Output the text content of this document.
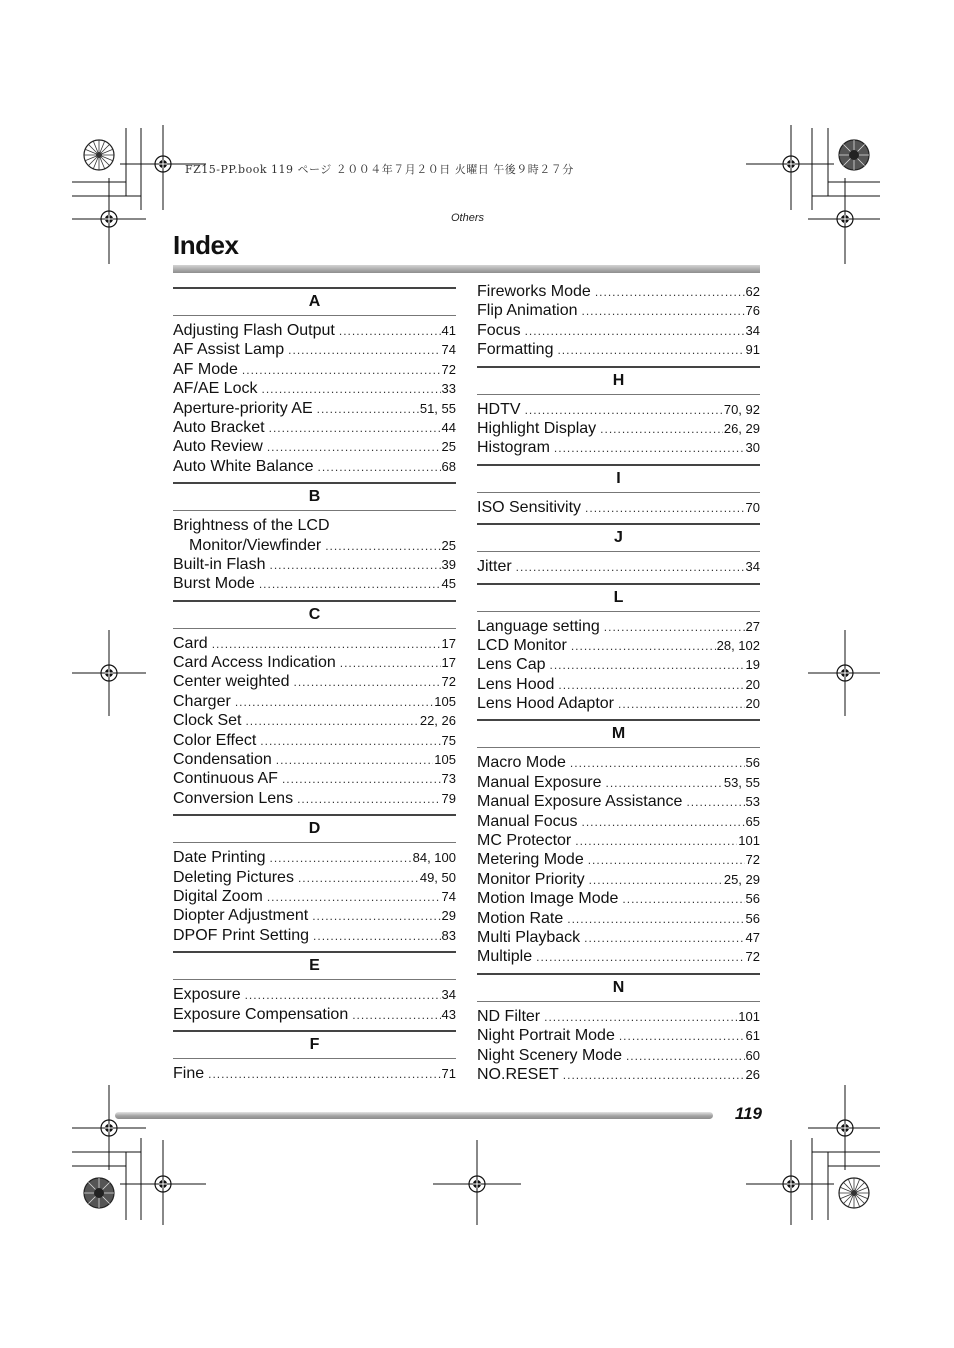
FZ15-PP.book 119 ページ ２００４年７月２０日 火曜日 午後９時２７分
Others
Index
A
Adjusting Flash Output .....	41
AF Assist Lamp .....	74
AF Mode .....	72
AF/AE Lock .....	33
Aperture-priority AE .....	51, 55
Auto Bracket .....	44
Auto Review .....	25
Auto White Balance .....	68
B
Brightness of the LCD
Monitor/Viewfinder .....	25
Built-in Flash .....	39
Burst Mode .....	45
C
Card .....	17
Card Access Indication .....	17
Center weighted .....	72
Charger .....	105
Clock Set .....	22, 26
Color Effect .....	75
Condensation .....	105
Continuous AF .....	73
Conversion Lens .....	79
D
Date Printing .....	84, 100
Deleting Pictures .....	49, 50
Digital Zoom .....	74
Diopter Adjustment .....	29
DPOF Print Setting .....	83
E
Exposure .....	34
Exposure Compensation .....	43
F
Fine .....	71
Fireworks Mode .....	62
Flip Animation .....	76
Focus .....	34
Formatting .....	91
H
HDTV .....	70, 92
Highlight Display .....	26, 29
Histogram .....	30
I
ISO Sensitivity .....	70
J
Jitter .....	34
L
Language setting .....	27
LCD Monitor .....	28, 102
Lens Cap .....	19
Lens Hood .....	20
Lens Hood Adaptor .....	20
M
Macro Mode .....	56
Manual Exposure .....	53, 55
Manual Exposure Assistance .....	53
Manual Focus .....	65
MC Protector .....	101
Metering Mode .....	72
Monitor Priority .....	25, 29
Motion Image Mode .....	56
Motion Rate .....	56
Multi Playback .....	47
Multiple .....	72
N
ND Filter .....	101
Night Portrait Mode .....	61
Night Scenery Mode .....	60
NO.RESET .....	26
119
